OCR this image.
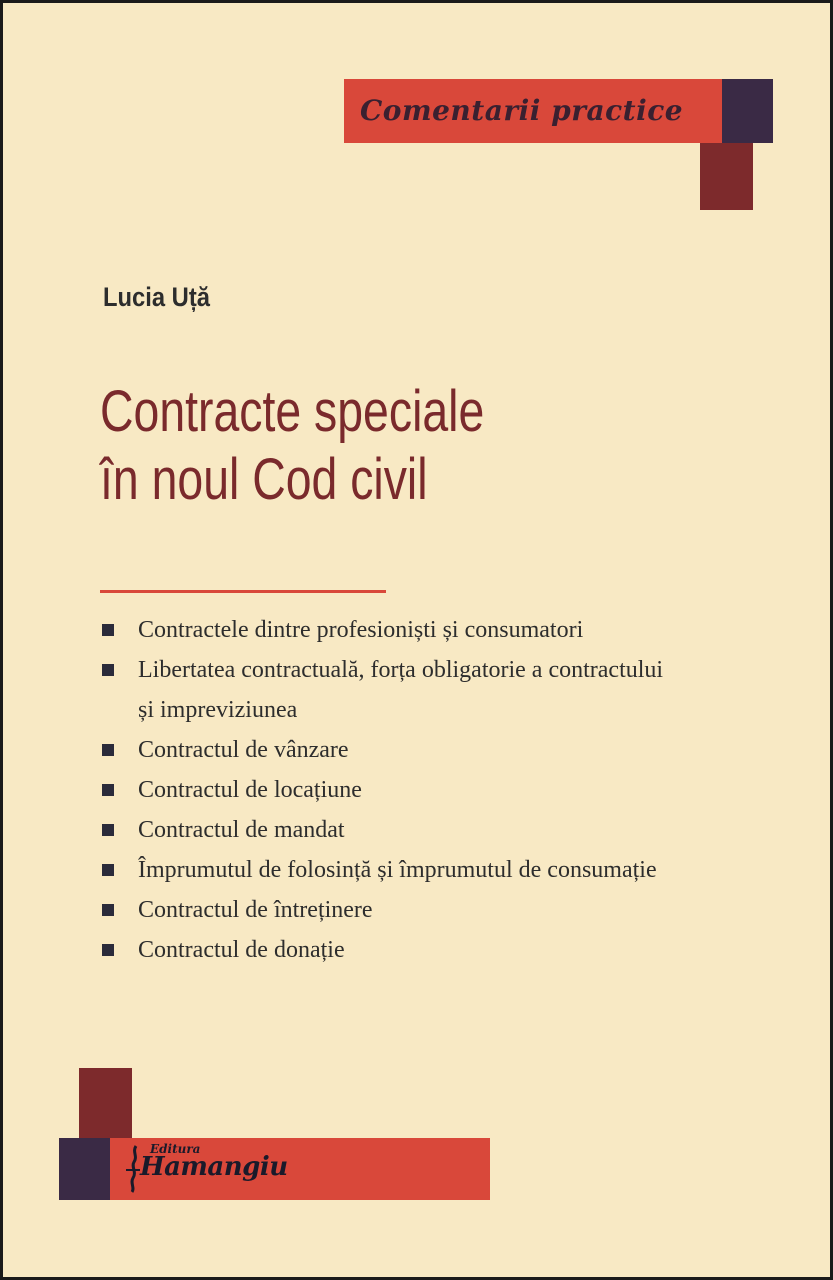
Comentarii practice
Lucia Uță
Contracte speciale
în noul Cod civil
Contractele dintre profesioniști și consumatori
Libertatea contractuală, forța obligatorie a contractului
și impreviziunea
Contractul de vânzare
Contractul de locațiune
Contractul de mandat
Împrumutul de folosință și împrumutul de consumație
Contractul de întreținere
Contractul de donație
Editura
Hamangiu
